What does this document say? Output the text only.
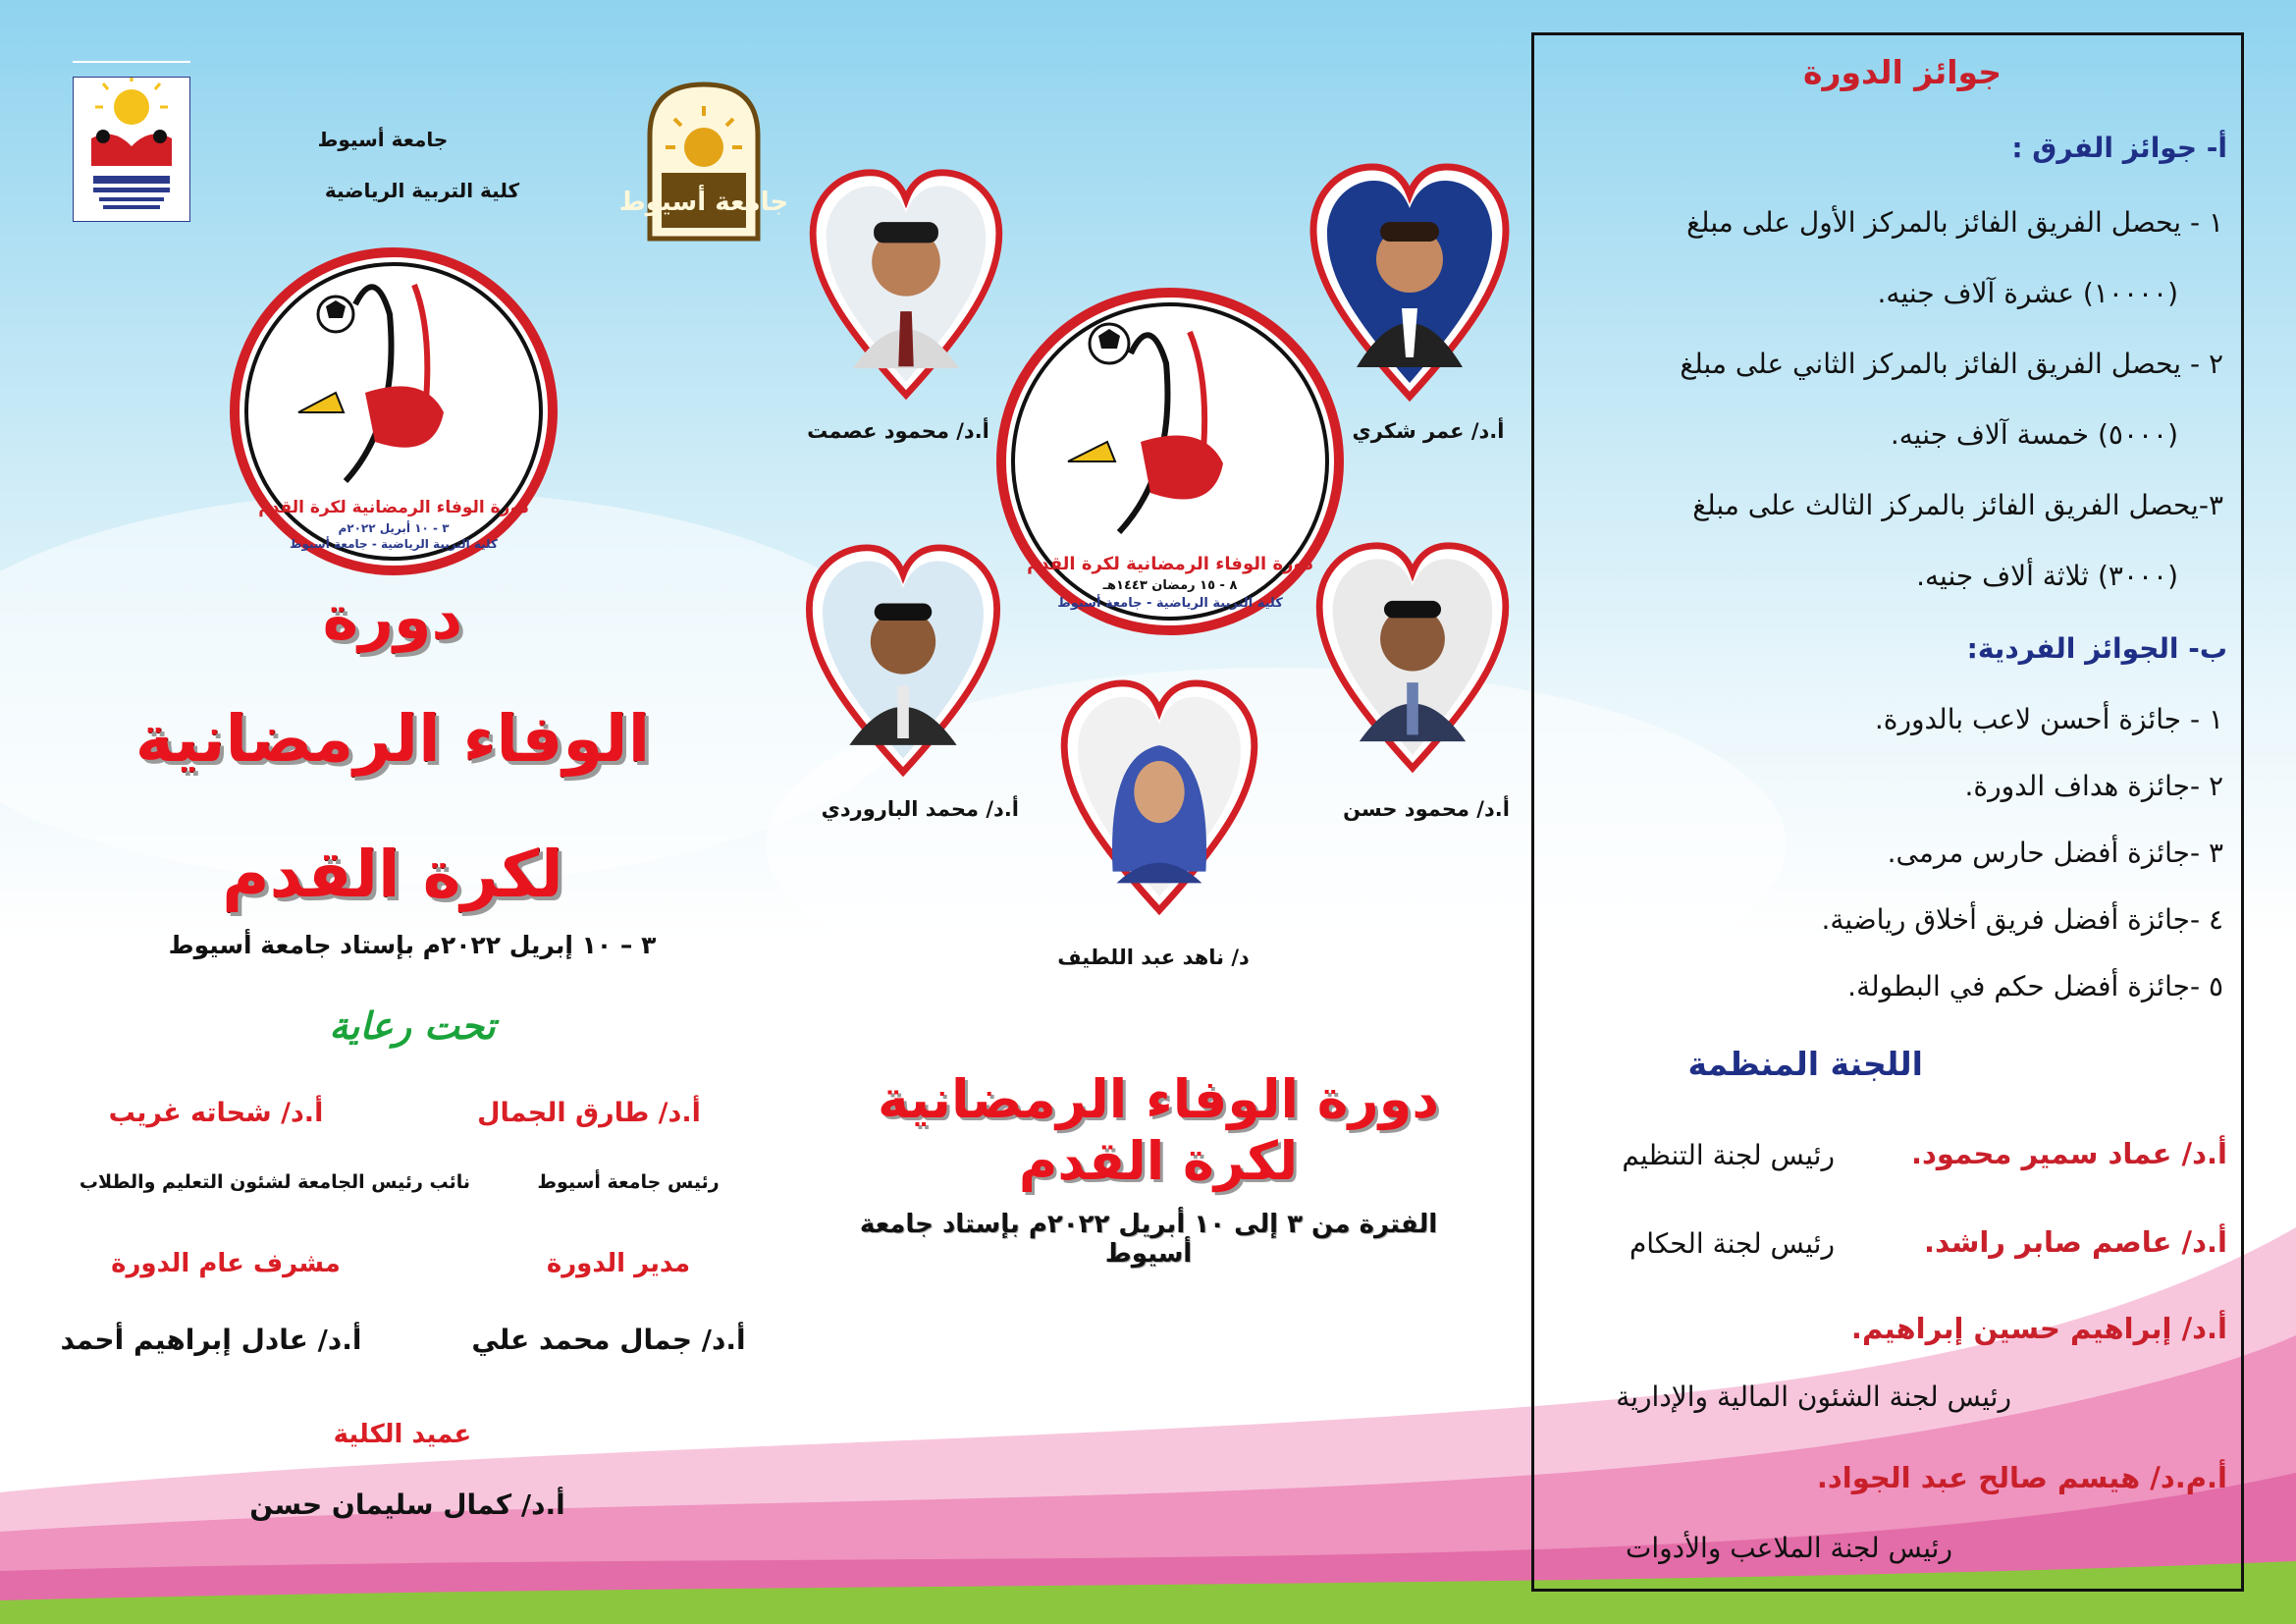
جامعة أسيوط
كلية التربية الرياضية	جامعة أسيوط
دورة الوفاء الرمضانية لكرة القدم
٣ - ١٠ أبريل ٢٠٢٢م
كلية التربية الرياضية - جامعة أسيوط
دورة
الوفاء الرمضانية
لكرة القدم
٣ – ١٠ إبريل ٢٠٢٢م بإستاد جامعة أسيوط
تحت رعاية
أ.د/ طارق الجمال
أ.د/ شحاته غريب
رئيس جامعة أسيوط
نائب رئيس الجامعة لشئون التعليم والطلاب
مدير الدورة
مشرف عام الدورة
أ.د/ جمال محمد علي
أ.د/ عادل إبراهيم أحمد
عميد الكلية
أ.د/ كمال سليمان حسن
أ.د/ عمر شكري
أ.د/ محمود عصمت
دورة الوفاء الرمضانية لكرة القدم
٨ - ١٥ رمضان ١٤٤٣هـ
كلية التربية الرياضية - جامعة أسيوط
أ.د/ محمود حسن
أ.د/ محمد الباروردي
د/ ناهد عبد اللطيف
دورة الوفاء الرمضانية لكرة القدم
الفترة من ٣ إلى ١٠ أبريل ٢٠٢٢م بإستاد جامعة أسيوط
جوائز الدورة
أ- جوائز الفرق :
١ - يحصل الفريق الفائز بالمركز الأول على مبلغ
(١٠٠٠٠) عشرة آلاف جنيه.
٢ - يحصل الفريق الفائز بالمركز الثاني على مبلغ
(٥٠٠٠) خمسة آلاف جنيه.
٣-يحصل الفريق الفائز بالمركز الثالث على مبلغ
(٣٠٠٠) ثلاثة ألاف جنيه.
ب- الجوائز الفردية:
١ - جائزة أحسن لاعب بالدورة.
٢ -جائزة هداف الدورة.
٣ -جائزة أفضل حارس مرمى.
٤ -جائزة أفضل فريق أخلاق رياضية.
٥ -جائزة أفضل حكم في البطولة.
اللجنة المنظمة
أ.د/ عماد سمير محمود.
رئيس لجنة التنظيم
أ.د/ عاصم صابر راشد.
رئيس لجنة الحكام
أ.د/ إبراهيم حسين إبراهيم.
رئيس لجنة الشئون المالية والإدارية
أ.م.د/ هيسم صالح عبد الجواد.
رئيس لجنة الملاعب والأدوات
